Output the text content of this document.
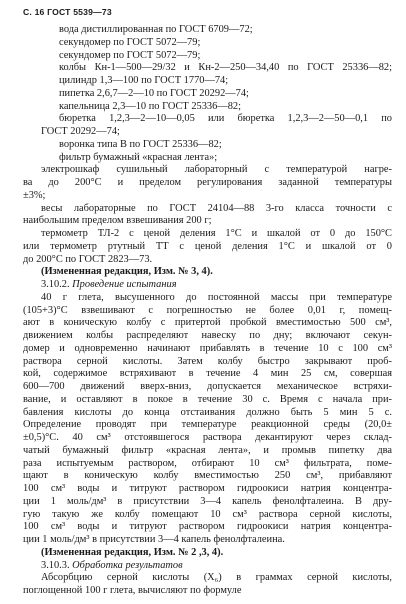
С. 16 ГОСТ 5539—73
вода дистиллированная по ГОСТ 6709—72;
секундомер по ГОСТ 5072—79;
секундомер по ГОСТ 5072—79;
колбы Кн-1—500—29/32 и Кн-2—250—34,40 по ГОСТ 25336—82;
цилиндр 1,3—100 по ГОСТ 1770—74;
пипетка 2,6,7—2—10 по ГОСТ 20292—74;
капельница 2,3—10 по ГОСТ 25336—82;
бюретка 1,2,3—2—10—0,05 или бюретка 1,2,3—2—50—0,1 по
ГОСТ 20292—74;
воронка типа В по ГОСТ 25336—82;
фильтр бумажный «красная лента»;
электрошкаф сушильный лабораторный с температурой нагре-
ва до 200°С и пределом регулирования заданной температуры
±3%;
весы лабораторные по ГОСТ 24104—88 3-го класса точности с
наибольшим пределом взвешивания 200 г;
термометр ТЛ-2 с ценой деления 1°С и шкалой от 0 до 150°С
или термометр ртутный ТТ с ценой деления 1°С и шкалой от 0
до 200°С по ГОСТ 2823—73.
(Измененная редакция, Изм. № 3, 4).
3.10.2. Проведение испытания
40 г глета, высушенного до постоянной массы при температуре
(105+3)°С взвешивают с погрешностью не более 0,01 г, помещ-
ают в коническую колбу с притертой пробкой вместимостью 500 см³,
движением колбы распределяют навеску по дну; включают секун-
домер и одновременно начинают прибавлять в течение 10 с 100 см³
раствора серной кислоты. Затем колбу быстро закрывают проб-
кой, содержимое встряхивают в течение 4 мин 25 см, совершая
600—700 движений вверх-вниз, допускается механическое встряхи-
вание, и оставляют в покое в течение 30 с. Время с начала при-
бавления кислоты до конца отстаивания должно быть 5 мин 5 с.
Определение проводят при температуре реакционной среды (20,0±
±0,5)°С. 40 см³ отстоявшегося раствора декантируют через склад-
чатый бумажный фильтр «красная лента», и промыв пипетку два
раза испытуемым раствором, отбирают 10 см³ фильтрата, поме-
щают в коническую колбу вместимостью 250 см³, прибавляют
100 см³ воды и титруют раствором гидроокиси натрия концентра-
ции 1 моль/дм³ в присутствии 3—4 капель фенолфталеина. В дру-
гую такую же колбу помещают 10 см³ раствора серной кислоты,
100 см³ воды и титруют раствором гидроокиси натрия концентра-
ции 1 моль/дм³ в присутствии 3—4 капель фенолфталеина.
(Измененная редакция, Изм. № 2 ,3, 4).
3.10.3. Обработка результатов
Абсорбцию серной кислоты (X₆) в граммах серной кислоты,
поглощенной 100 г глета, вычисляют по формуле
